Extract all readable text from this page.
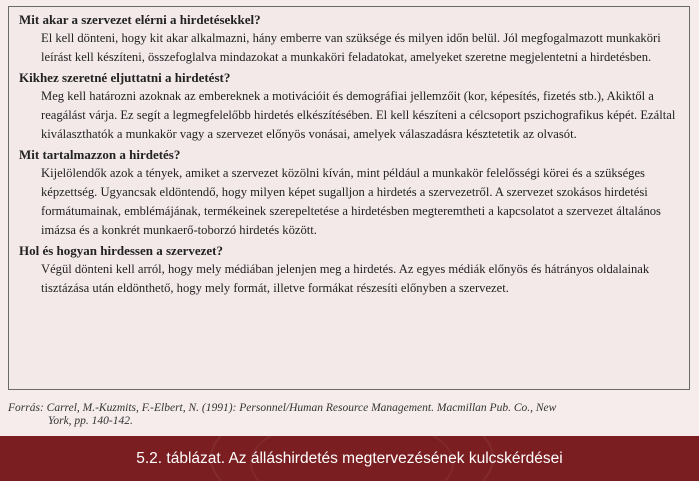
Mit akar a szervezet elérni a hirdetésekkel?

El kell dönteni, hogy kit akar alkalmazni, hány emberre van szüksége és milyen időn belül. Jól megfogalmazott munkaköri leírást kell készíteni, összefoglalva mindazokat a munkaköri feladatokat, amelyeket szeretne megjelentetni a hirdetésben.

Kikhez szeretné eljuttatni a hirdetést?

Meg kell határozni azoknak az embereknek a motivációit és demográfiai jellemzőit (kor, képesítés, fizetés stb.), Akiktől a reagálást várja. Ez segít a legmegfelelőbb hirdetés elkészítésében. El kell készíteni a célcsoport pszichografikus képét. Ezáltal kiválaszthatók a munkakör vagy a szervezet előnyös vonásai, amelyek válaszadásra késztetetik az olvasót.

Mit tartalmazzon a hirdetés?

Kijelölendők azok a tények, amiket a szervezet közölni kíván, mint például a munkakör felelősségi körei és a szükséges képzettség. Ugyancsak eldöntendő, hogy milyen képet sugalljon a hirdetés a szervezetről. A szervezet szokásos hirdetési formátumainak, emblémájának, termékeinek szerepeltetése a hirdetésben megteremtheti a kapcsolatot a szervezet általános imázsa és a konkrét munkaerő-toborzó hirdetés között.

Hol és hogyan hirdessen a szervezet?

Végül dönteni kell arról, hogy mely médiában jelenjen meg a hirdetés. Az egyes médiák előnyös és hátrányos oldalainak tisztázása után eldönthető, hogy mely formát, illetve formákat részesíti előnyben a szervezet.

Forrás: Carrel, M.-Kuzmits, F.-Elbert, N. (1991): Personnel/Human Resource Management. Macmillan Pub. Co., New
York, pp. 140-142.
5.2. táblázat. Az álláshirdetés megtervezésének kulcskérdései
